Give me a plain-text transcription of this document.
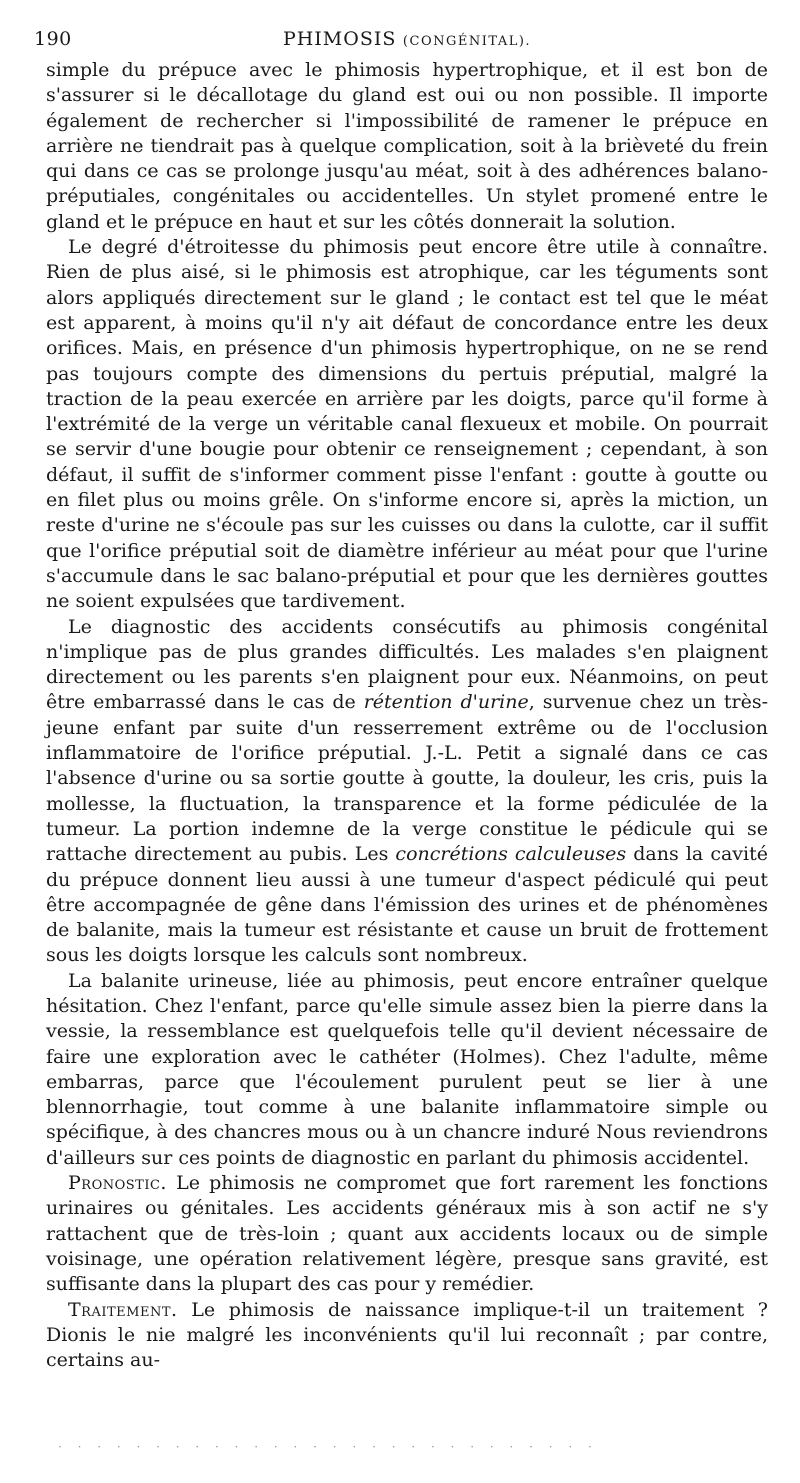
190	PHIMOSIS (CONGÉNITAL).

simple du prépuce avec le phimosis hypertrophique, et il est bon de s'assurer si le décallotage du gland est oui ou non possible. Il importe également de rechercher si l'impossibilité de ramener le prépuce en arrière ne tiendrait pas à quelque complication, soit à la brièveté du frein qui dans ce cas se prolonge jusqu'au méat, soit à des adhérences balano-préputiales, congénitales ou accidentelles. Un stylet promené entre le gland et le prépuce en haut et sur les côtés donnerait la solution.

Le degré d'étroitesse du phimosis peut encore être utile à connaître. Rien de plus aisé, si le phimosis est atrophique, car les téguments sont alors appliqués directement sur le gland ; le contact est tel que le méat est apparent, à moins qu'il n'y ait défaut de concordance entre les deux orifices. Mais, en présence d'un phimosis hypertrophique, on ne se rend pas toujours compte des dimensions du pertuis préputial, malgré la traction de la peau exercée en arrière par les doigts, parce qu'il forme à l'extrémité de la verge un véritable canal flexueux et mobile. On pourrait se servir d'une bougie pour obtenir ce renseignement ; cependant, à son défaut, il suffit de s'informer comment pisse l'enfant : goutte à goutte ou en filet plus ou moins grêle. On s'informe encore si, après la miction, un reste d'urine ne s'écoule pas sur les cuisses ou dans la culotte, car il suffit que l'orifice préputial soit de diamètre inférieur au méat pour que l'urine s'accumule dans le sac balano-préputial et pour que les dernières gouttes ne soient expulsées que tardivement.

Le diagnostic des accidents consécutifs au phimosis congénital n'implique pas de plus grandes difficultés. Les malades s'en plaignent directement ou les parents s'en plaignent pour eux. Néanmoins, on peut être embarrassé dans le cas de rétention d'urine, survenue chez un très-jeune enfant par suite d'un resserrement extrême ou de l'occlusion inflammatoire de l'orifice préputial. J.-L. Petit a signalé dans ce cas l'absence d'urine ou sa sortie goutte à goutte, la douleur, les cris, puis la mollesse, la fluctuation, la transparence et la forme pédiculée de la tumeur. La portion indemne de la verge constitue le pédicule qui se rattache directement au pubis. Les concrétions calculeuses dans la cavité du prépuce donnent lieu aussi à une tumeur d'aspect pédiculé qui peut être accompagnée de gêne dans l'émission des urines et de phénomènes de balanite, mais la tumeur est résistante et cause un bruit de frottement sous les doigts lorsque les calculs sont nombreux.

La balanite urineuse, liée au phimosis, peut encore entraîner quelque hésitation. Chez l'enfant, parce qu'elle simule assez bien la pierre dans la vessie, la ressemblance est quelquefois telle qu'il devient nécessaire de faire une exploration avec le cathéter (Holmes). Chez l'adulte, même embarras, parce que l'écoulement purulent peut se lier à une blennorrhagie, tout comme à une balanite inflammatoire simple ou spécifique, à des chancres mous ou à un chancre induré Nous reviendrons d'ailleurs sur ces points de diagnostic en parlant du phimosis accidentel.

Pronostic. Le phimosis ne compromet que fort rarement les fonctions urinaires ou génitales. Les accidents généraux mis à son actif ne s'y rattachent que de très-loin ; quant aux accidents locaux ou de simple voisinage, une opération relativement légère, presque sans gravité, est suffisante dans la plupart des cas pour y remédier.

Traitement. Le phimosis de naissance implique-t-il un traitement ? Dionis le nie malgré les inconvénients qu'il lui reconnaît ; par contre, certains au-

· · · · · · · · · · · · · · · · · · · · · · · · · · · ·
